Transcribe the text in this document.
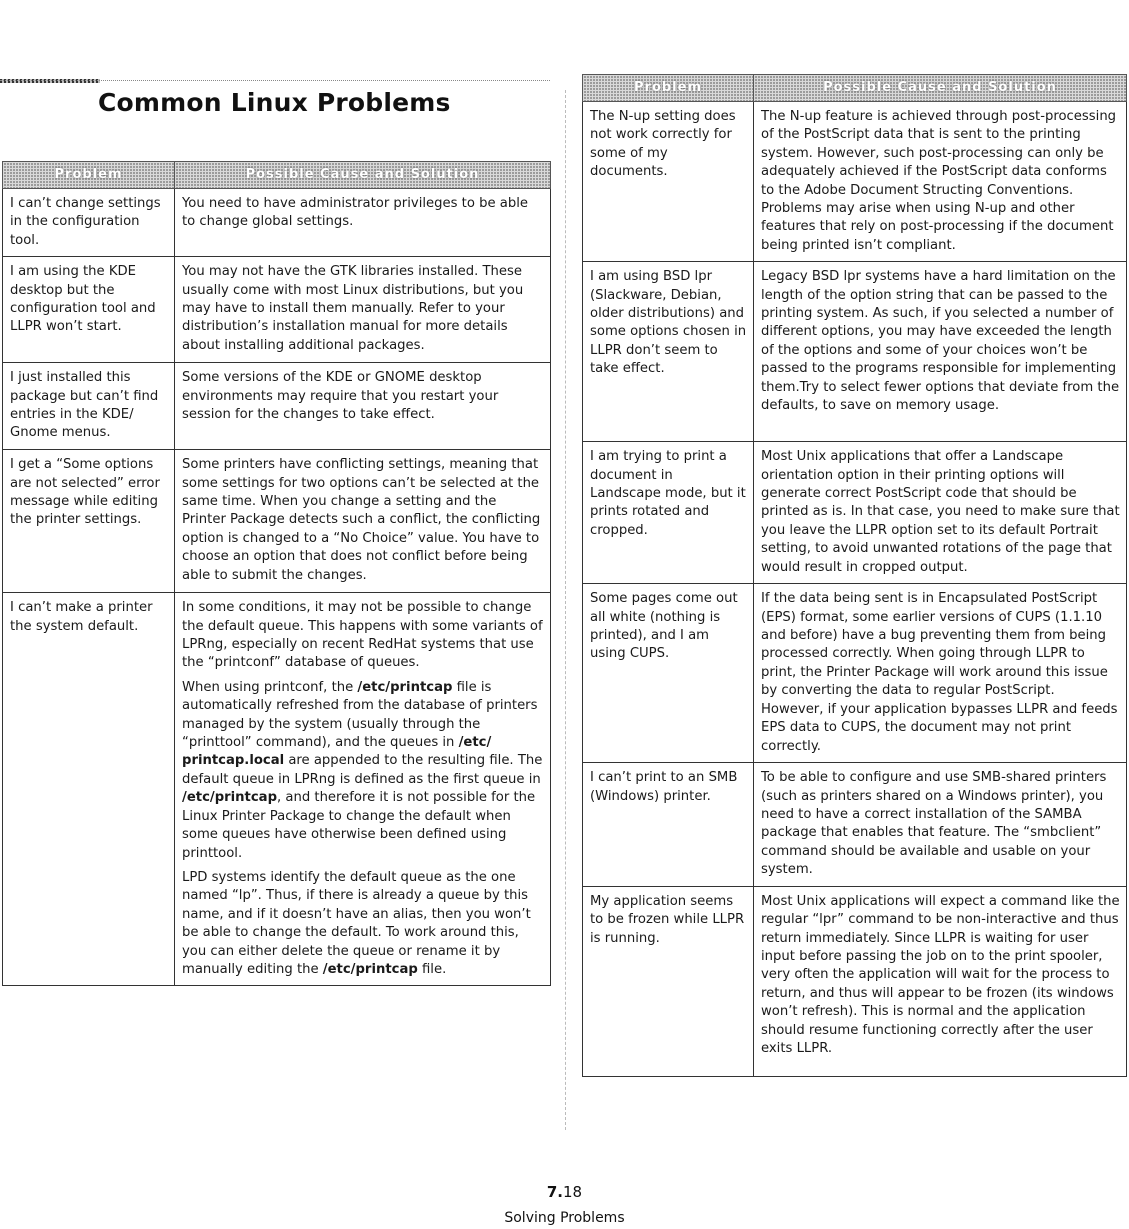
Common Linux Problems
Problem	Possible Cause and Solution
I can’t change settings in the configuration tool.	You need to have administrator privileges to be able to change global settings.

I am using the KDE desktop but the configuration tool and LLPR won’t start.	You may not have the GTK libraries installed. These usually come with most Linux distributions, but you may have to install them manually. Refer to your distribution’s installation manual for more details about installing additional packages.

I just installed this package but can’t find entries in the KDE/ Gnome menus.	Some versions of the KDE or GNOME desktop environments may require that you restart your session for the changes to take effect.

I get a “Some options are not selected” error message while editing the printer settings.	Some printers have conflicting settings, meaning that some settings for two options can’t be selected at the same time. When you change a setting and the Printer Package detects such a conflict, the conflicting option is changed to a “No Choice” value. You have to choose an option that does not conflict before being able to submit the changes.

I can’t make a printer the system default.	In some conditions, it may not be possible to change the default queue. This happens with some variants of LPRng, especially on recent RedHat systems that use the “printconf” database of queues.

When using printconf, the /etc/printcap file is automatically refreshed from the database of printers managed by the system (usually through the “printtool” command), and the queues in /etc/ printcap.local are appended to the resulting file. The default queue in LPRng is defined as the first queue in /etc/printcap, and therefore it is not possible for the Linux Printer Package to change the default when some queues have otherwise been defined using printtool.

LPD systems identify the default queue as the one named “lp”. Thus, if there is already a queue by this name, and if it doesn’t have an alias, then you won’t be able to change the default. To work around this, you can either delete the queue or rename it by manually editing the /etc/printcap file.

Problem	Possible Cause and Solution
The N-up setting does not work correctly for some of my documents.	The N-up feature is achieved through post-processing of the PostScript data that is sent to the printing system. However, such post-processing can only be adequately achieved if the PostScript data conforms to the Adobe Document Structing Conventions. Problems may arise when using N-up and other features that rely on post-processing if the document being printed isn’t compliant.
I am using BSD lpr (Slackware, Debian, older distributions) and some options chosen in LLPR don’t seem to take effect.	Legacy BSD lpr systems have a hard limitation on the length of the option string that can be passed to the printing system. As such, if you selected a number of different options, you may have exceeded the length of the options and some of your choices won’t be passed to the programs responsible for implementing them.Try to select fewer options that deviate from the defaults, to save on memory usage.
I am trying to print a document in Landscape mode, but it prints rotated and cropped.	Most Unix applications that offer a Landscape orientation option in their printing options will generate correct PostScript code that should be printed as is. In that case, you need to make sure that you leave the LLPR option set to its default Portrait setting, to avoid unwanted rotations of the page that would result in cropped output.
Some pages come out all white (nothing is printed), and I am using CUPS.	If the data being sent is in Encapsulated PostScript (EPS) format, some earlier versions of CUPS (1.1.10 and before) have a bug preventing them from being processed correctly. When going through LLPR to print, the Printer Package will work around this issue by converting the data to regular PostScript. However, if your application bypasses LLPR and feeds EPS data to CUPS, the document may not print correctly.
I can’t print to an SMB (Windows) printer.	To be able to configure and use SMB-shared printers (such as printers shared on a Windows printer), you need to have a correct installation of the SAMBA package that enables that feature. The “smbclient” command should be available and usable on your system.
My application seems to be frozen while LLPR is running.	Most Unix applications will expect a command like the regular “lpr” command to be non-interactive and thus return immediately. Since LLPR is waiting for user input before passing the job on to the print spooler, very often the application will wait for the process to return, and thus will appear to be frozen (its windows won’t refresh). This is normal and the application should resume functioning correctly after the user exits LLPR.
7.18
Solving Problems
